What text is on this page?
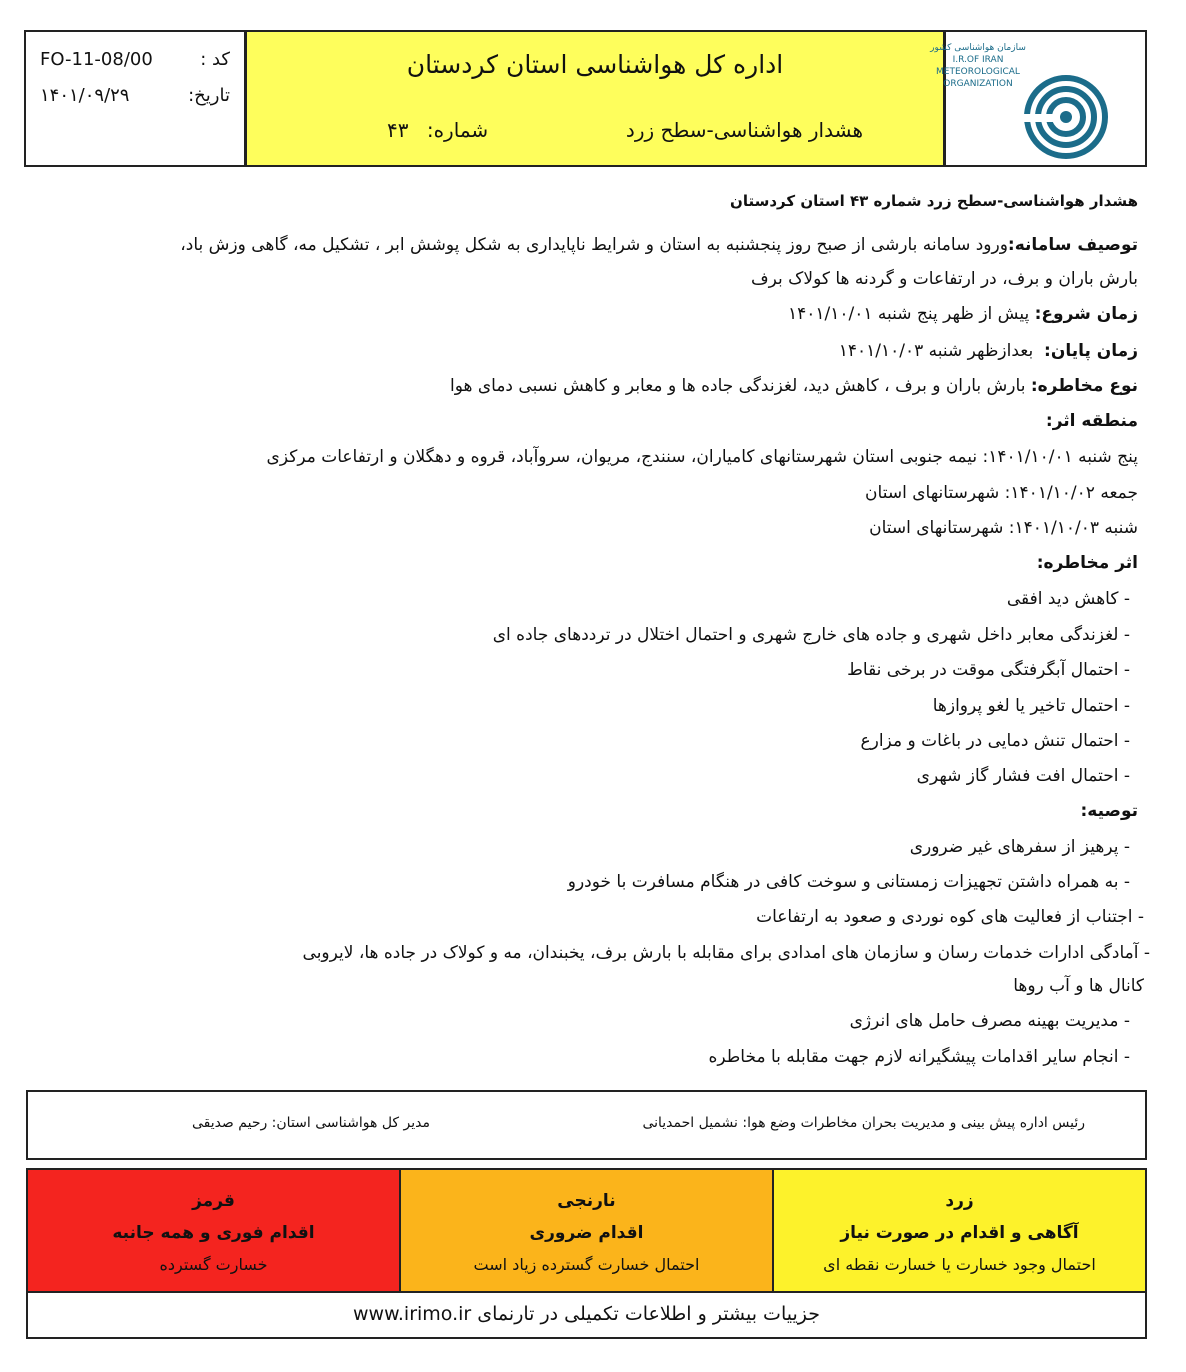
کد :
FO-11-08/00
تاریخ:
۱۴۰۱/۰۹/۲۹
اداره کل هواشناسی استان کردستان
هشدار هواشناسی-سطح زرد
شماره: ۴۳
سازمان هواشناسی کشور
I.R.OF IRAN
METEOROLOGICAL
ORGANIZATION
هشدار هواشناسی-سطح زرد شماره ۴۳ استان کردستان
توصیف سامانه:ورود سامانه بارشی از صبح روز پنجشنبه به استان و شرایط ناپایداری به شکل پوشش ابر ، تشکیل مه، گاهی وزش باد،
بارش باران و برف، در ارتفاعات و گردنه ها کولاک برف
زمان شروع: پیش از ظهر پنج شنبه ۱۴۰۱/۱۰/۰۱
زمان پایان:  بعدازظهر شنبه ۱۴۰۱/۱۰/۰۳
نوع مخاطره: بارش باران و برف ، کاهش دید، لغزندگی جاده ها و معابر و کاهش نسبی دمای هوا
منطقه اثر:
پنج شنبه ۱۴۰۱/۱۰/۰۱: نیمه جنوبی استان شهرستانهای کامیاران، سنندج، مریوان، سروآباد، قروه و دهگلان و ارتفاعات مرکزی
جمعه ۱۴۰۱/۱۰/۰۲: شهرستانهای استان
شنبه ۱۴۰۱/۱۰/۰۳: شهرستانهای استان
اثر مخاطره:
- کاهش دید افقی
- لغزندگی معابر داخل شهری و جاده های خارج شهری و احتمال اختلال در ترددهای جاده ای
- احتمال آبگرفتگی موقت در برخی نقاط
- احتمال تاخیر یا لغو پروازها
- احتمال تنش دمایی در باغات و مزارع
- احتمال افت فشار گاز شهری
توصیه:
- پرهیز از سفرهای غیر ضروری
- به همراه داشتن تجهیزات زمستانی و سوخت کافی در هنگام مسافرت با خودرو
- اجتناب از فعالیت های کوه نوردی و صعود به ارتفاعات
- آمادگی ادارات خدمات رسان و سازمان های امدادی برای مقابله با بارش برف، یخبندان، مه و کولاک در جاده ها، لایروبی
کانال ها و آب روها
- مدیریت بهینه مصرف حامل های انرژی
- انجام سایر اقدامات پیشگیرانه لازم جهت مقابله با مخاطره
رئیس اداره پیش بینی و مدیریت بحران مخاطرات وضع هوا: نشمیل احمدیانی
مدیر کل هواشناسی استان: رحیم صدیقی
قرمز
اقدام فوری و همه جانبه
خسارت گسترده
نارنجی
اقدام ضروری
احتمال خسارت گسترده زیاد است
زرد
آگاهی و اقدام در صورت نیاز
احتمال وجود خسارت یا خسارت نقطه ای
جزییات بیشتر و اطلاعات تکمیلی در تارنمای www.irimo.ir
